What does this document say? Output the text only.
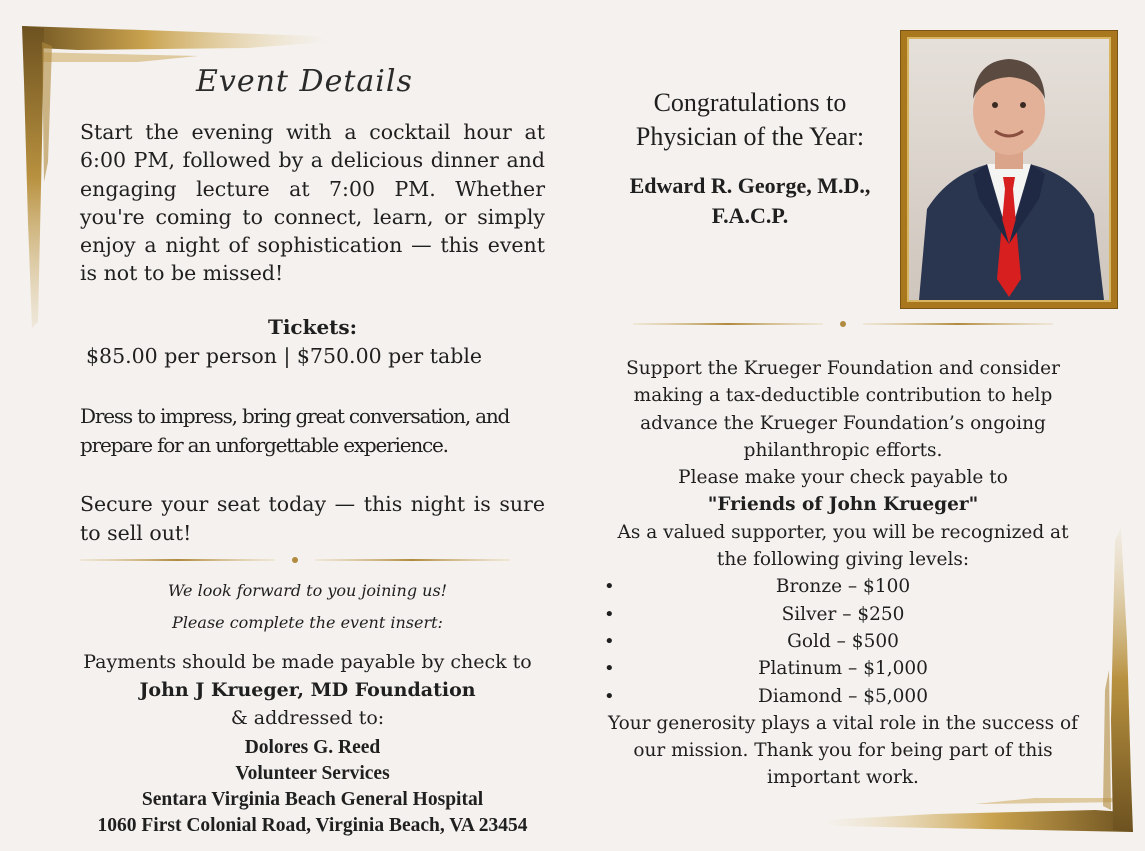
Event Details
Start the evening with a cocktail hour at 6:00 PM, followed by a delicious dinner and engaging lecture at 7:00 PM. Whether you're coming to connect, learn, or simply enjoy a night of sophistication — this event is not to be missed!
Tickets:
$85.00 per person | $750.00 per table
Dress to impress, bring great conversation, and
prepare for an unforgettable experience.
Secure your seat today — this night is sure to sell out!
We look forward to you joining us!
Please complete the event insert:
Payments should be made payable by check to
John J Krueger, MD Foundation
& addressed to:
Dolores G. Reed
Volunteer Services
Sentara Virginia Beach General Hospital
1060 First Colonial Road, Virginia Beach, VA 23454
Congratulations to
Physician of the Year:
Edward R. George, M.D.,
F.A.C.P.
Support the Krueger Foundation and consider
making a tax-deductible contribution to help
advance the Krueger Foundation’s ongoing
philanthropic efforts.
Please make your check payable to
"Friends of John Krueger"
As a valued supporter, you will be recognized at
the following giving levels:
•	Bronze – $100
•	Silver – $250
•	Gold – $500
•	Platinum – $1,000
•	Diamond – $5,000
Your generosity plays a vital role in the success of
our mission. Thank you for being part of this
important work.
